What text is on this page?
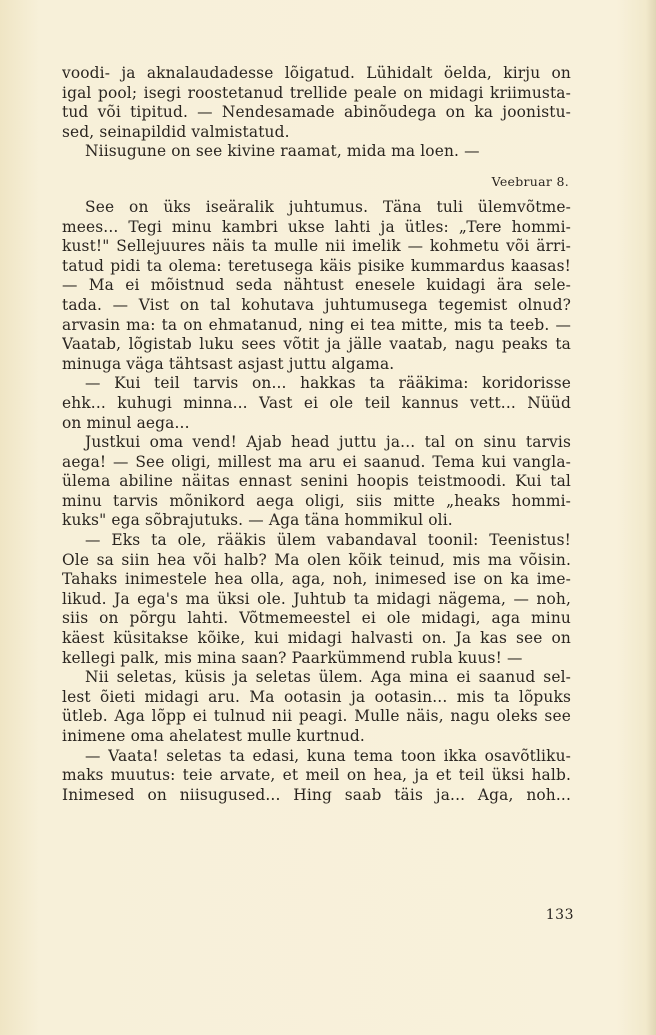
voodi- ja aknalaudadesse lõigatud. Lühidalt öelda, kirju on
igal pool; isegi roostetanud trellide peale on midagi kriimusta-
tud või tipitud. — Nendesamade abinõudega on ka joonistu-
sed, seinapildid valmistatud.
Niisugune on see kivine raamat, mida ma loen. —
Veebruar 8.
See on üks iseäralik juhtumus. Täna tuli ülemvõtme-
mees... Tegi minu kambri ukse lahti ja ütles: „Tere hommi-
kust!" Sellejuures näis ta mulle nii imelik — kohmetu või ärri-
tatud pidi ta olema: teretusega käis pisike kummardus kaasas!
— Ma ei mõistnud seda nähtust enesele kuidagi ära sele-
tada. — Vist on tal kohutava juhtumusega tegemist olnud?
arvasin ma: ta on ehmatanud, ning ei tea mitte, mis ta teeb. —
Vaatab, lõgistab luku sees võtit ja jälle vaatab, nagu peaks ta
minuga väga tähtsast asjast juttu algama.
— Kui teil tarvis on... hakkas ta rääkima: koridorisse
ehk... kuhugi minna... Vast ei ole teil kannus vett... Nüüd
on minul aega...
Justkui oma vend! Ajab head juttu ja... tal on sinu tarvis
aega! — See oligi, millest ma aru ei saanud. Tema kui vangla-
ülema abiline näitas ennast senini hoopis teistmoodi. Kui tal
minu tarvis mõnikord aega oligi, siis mitte „heaks hommi-
kuks" ega sõbrajutuks. — Aga täna hommikul oli.
— Eks ta ole, rääkis ülem vabandaval toonil: Teenistus!
Ole sa siin hea või halb? Ma olen kõik teinud, mis ma võisin.
Tahaks inimestele hea olla, aga, noh, inimesed ise on ka ime-
likud. Ja ega's ma üksi ole. Juhtub ta midagi nägema, — noh,
siis on põrgu lahti. Võtmemeestel ei ole midagi, aga minu
käest küsitakse kõike, kui midagi halvasti on. Ja kas see on
kellegi palk, mis mina saan? Paarkümmend rubla kuus! —
Nii seletas, küsis ja seletas ülem. Aga mina ei saanud sel-
lest õieti midagi aru. Ma ootasin ja ootasin... mis ta lõpuks
ütleb. Aga lõpp ei tulnud nii peagi. Mulle näis, nagu oleks see
inimene oma ahelatest mulle kurtnud.
— Vaata! seletas ta edasi, kuna tema toon ikka osavõtliku-
maks muutus: teie arvate, et meil on hea, ja et teil üksi halb.
Inimesed on niisugused... Hing saab täis ja... Aga, noh...
133
